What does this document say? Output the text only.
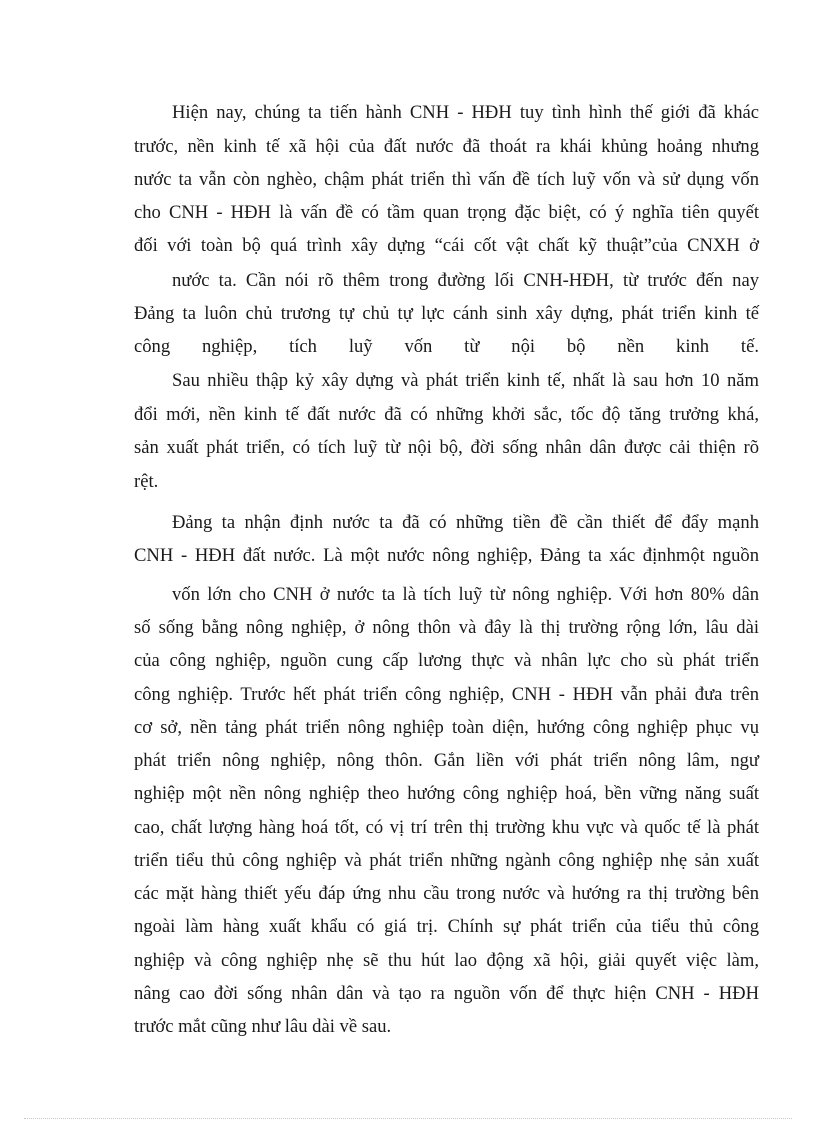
Hiện nay, chúng ta tiến hành CNH - HĐH tuy tình hình thế giới đã khác

trước, nền kinh tế xã hội của đất nước đã thoát ra khái khủng hoảng nhưng

nước ta vẫn còn nghèo, chậm phát triển thì vấn đề tích luỹ vốn và sử dụng vốn

cho CNH - HĐH là vấn đề có tầm quan trọng đặc biệt, có ý nghĩa tiên quyết

đối với toàn bộ quá trình xây dựng “cái cốt vật chất kỹ thuật”của CNXH ở

nước ta. Cần nói rõ thêm trong đường lối CNH-HĐH, từ trước đến nay

Đảng ta luôn chủ trương tự chủ tự lực cánh sinh xây dựng, phát triển kinh tế

công nghiệp, tích luỹ vốn từ nội bộ nền kinh tế.

Sau nhiều thập kỷ xây dựng và phát triển kinh tế, nhất là sau hơn 10 năm

đổi mới, nền kinh tế đất nước đã có những khởi sắc, tốc độ tăng trưởng khá,

sản xuất phát triển, có tích luỹ từ nội bộ, đời sống nhân dân được cải thiện rõ

rệt.

Đảng ta nhận định nước ta đã có những tiền đề cần thiết để đẩy mạnh

CNH - HĐH đất nước. Là một nước nông nghiệp, Đảng ta xác địnhmột nguồn

vốn lớn cho CNH ở nước ta là tích luỹ từ nông nghiệp. Với hơn 80% dân

số sống bằng nông nghiệp, ở nông thôn và đây là thị trường rộng lớn, lâu dài

của công nghiệp, nguồn cung cấp lương thực và nhân lực cho sù phát triển

công nghiệp. Trước hết phát triển công nghiệp, CNH - HĐH vẫn phải đưa trên

cơ sở, nền tảng phát triển nông nghiệp toàn diện, hướng công nghiệp phục vụ

phát triển nông nghiệp, nông thôn. Gắn liền với phát triển nông lâm, ngư

nghiệp một nền nông nghiệp theo hướng công nghiệp hoá, bền vững năng suất

cao, chất lượng hàng hoá tốt, có vị trí trên thị trường khu vực và quốc tế là phát

triển tiểu thủ công nghiệp và phát triển những ngành công nghiệp nhẹ sản xuất

các mặt hàng thiết yếu đáp ứng nhu cầu trong nước và hướng ra thị trường bên

ngoài làm hàng xuất khẩu có giá trị. Chính sự phát triển của tiểu thủ công

nghiệp và công nghiệp nhẹ sẽ thu hút lao động xã hội, giải quyết việc làm,

nâng cao đời sống nhân dân và tạo ra nguồn vốn để thực hiện CNH - HĐH

trước mắt cũng như lâu dài về sau.
